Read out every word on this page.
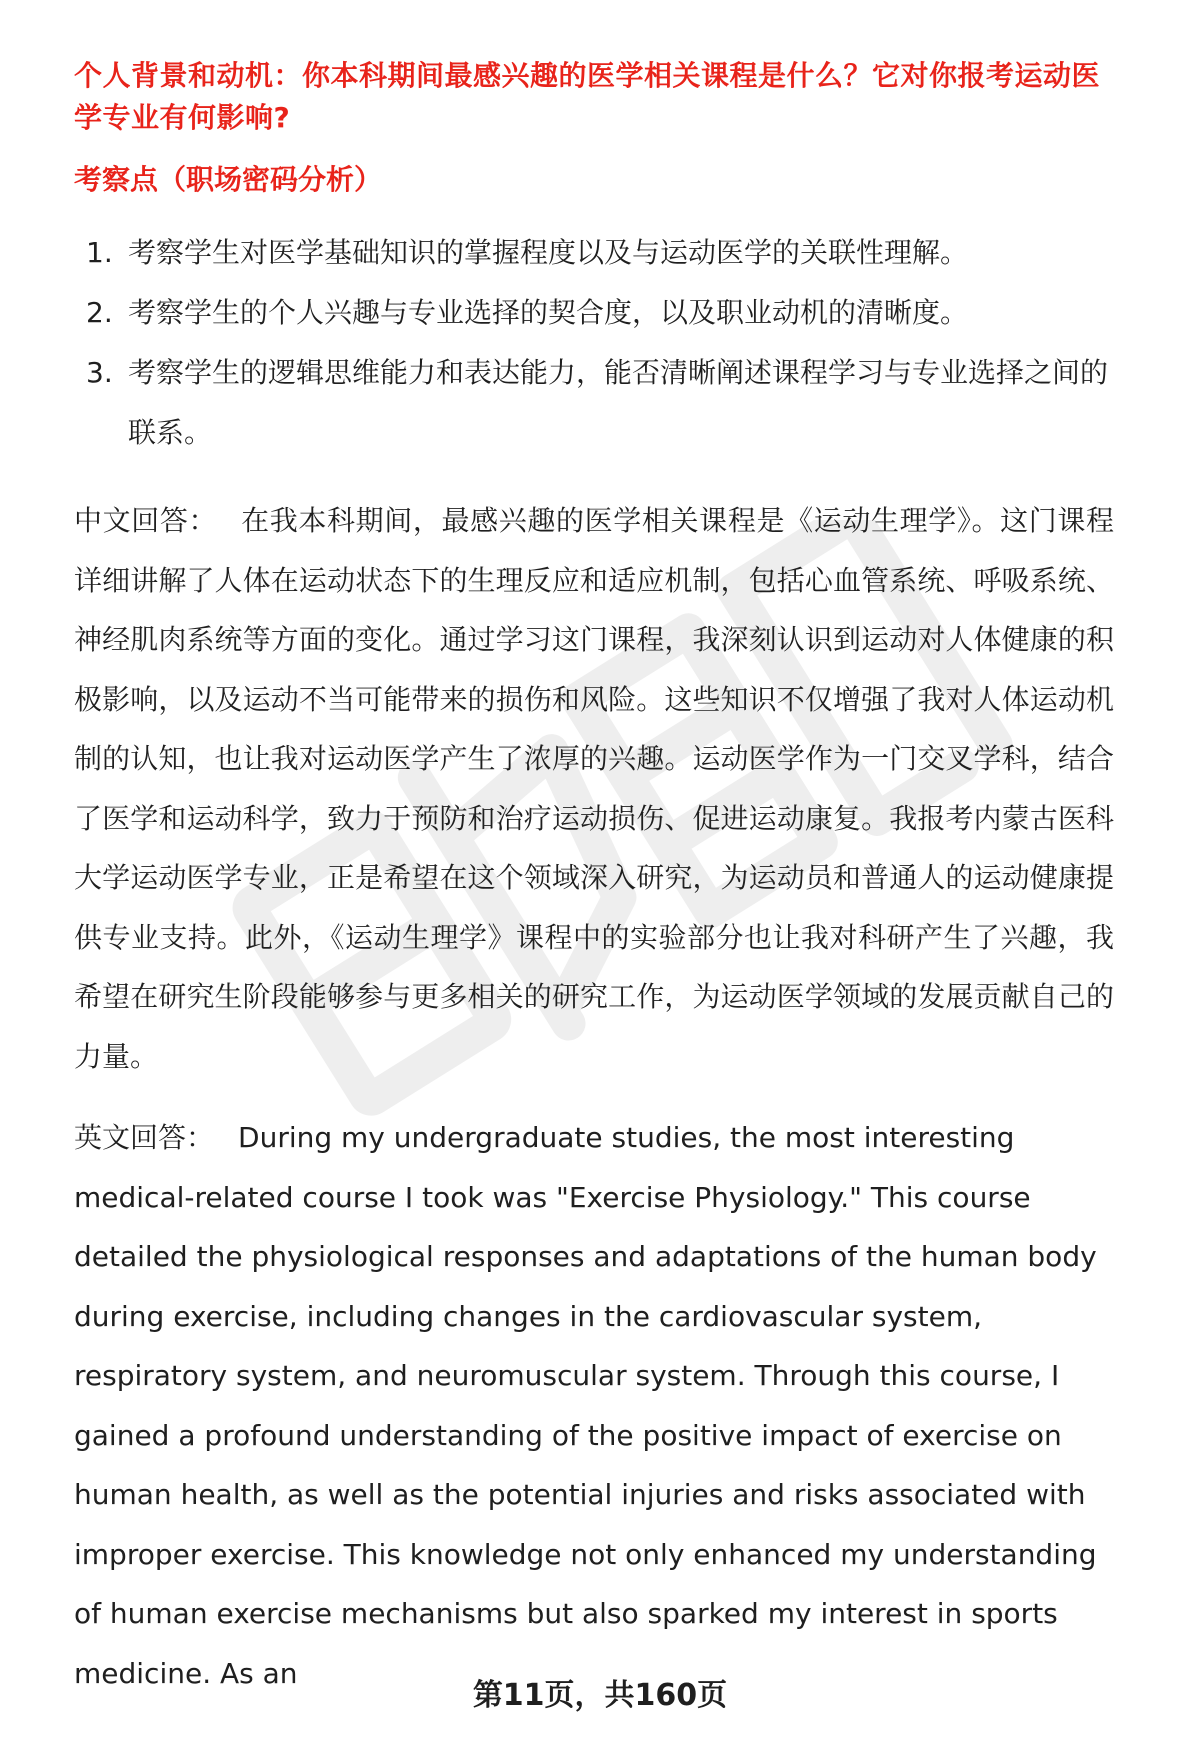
个人背景和动机：你本科期间最感兴趣的医学相关课程是什么？它对你报考运动医学专业有何影响?
考察点（职场密码分析）
1. 考察学生对医学基础知识的掌握程度以及与运动医学的关联性理解。
2. 考察学生的个人兴趣与专业选择的契合度，以及职业动机的清晰度。
3. 考察学生的逻辑思维能力和表达能力，能否清晰阐述课程学习与专业选择之间的联系。

中文回答： 在我本科期间，最感兴趣的医学相关课程是《运动生理学》。这门课程详细讲解了人体在运动状态下的生理反应和适应机制，包括心血管系统、呼吸系统、神经肌肉系统等方面的变化。通过学习这门课程，我深刻认识到运动对人体健康的积极影响，以及运动不当可能带来的损伤和风险。这些知识不仅增强了我对人体运动机制的认知，也让我对运动医学产生了浓厚的兴趣。运动医学作为一门交叉学科，结合了医学和运动科学，致力于预防和治疗运动损伤、促进运动康复。我报考内蒙古医科大学运动医学专业，正是希望在这个领域深入研究，为运动员和普通人的运动健康提供专业支持。此外，《运动生理学》课程中的实验部分也让我对科研产生了兴趣，我希望在研究生阶段能够参与更多相关的研究工作，为运动医学领域的发展贡献自己的力量。

英文回答： During my undergraduate studies, the most interesting medical-related course I took was "Exercise Physiology." This course detailed the physiological responses and adaptations of the human body during exercise, including changes in the cardiovascular system, respiratory system, and neuromuscular system. Through this course, I gained a profound understanding of the positive impact of exercise on human health, as well as the potential injuries and risks associated with improper exercise. This knowledge not only enhanced my understanding of human exercise mechanisms but also sparked my interest in sports medicine. As an

第11页，共160页
